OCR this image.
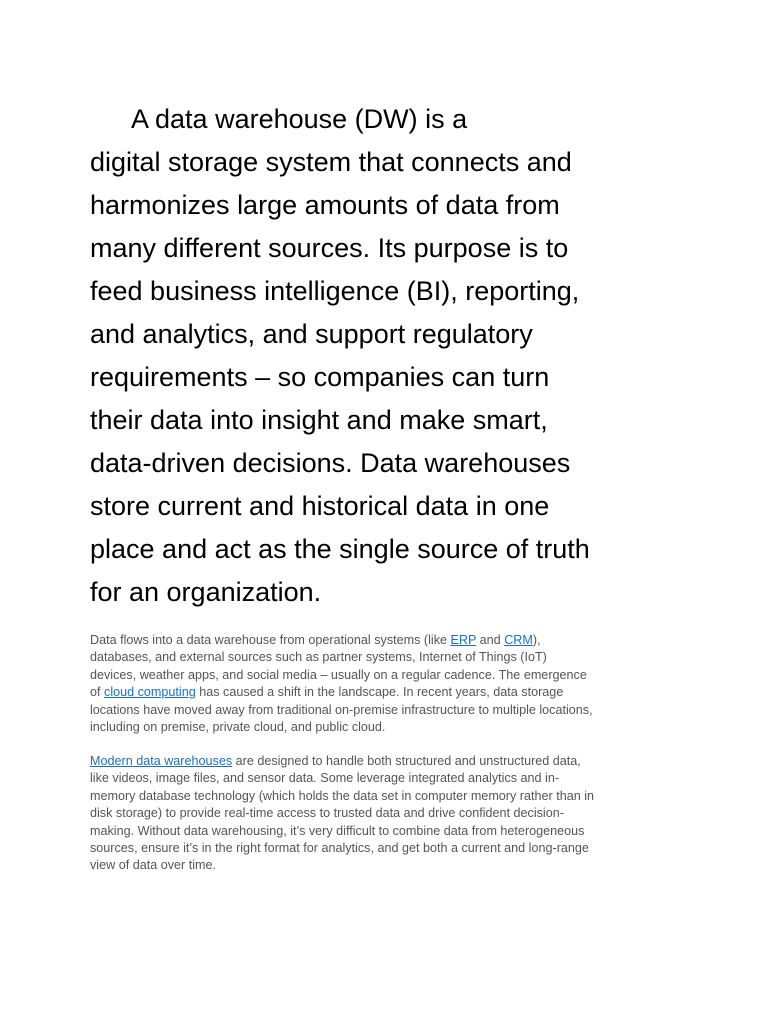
A data warehouse (DW) is a
digital storage system that connects and
harmonizes large amounts of data from
many different sources. Its purpose is to
feed business intelligence (BI), reporting,
and analytics, and support regulatory
requirements – so companies can turn
their data into insight and make smart,
data-driven decisions. Data warehouses
store current and historical data in one
place and act as the single source of truth
for an organization.

Data flows into a data warehouse from operational systems (like ERP and CRM),
databases, and external sources such as partner systems, Internet of Things (IoT)
devices, weather apps, and social media – usually on a regular cadence. The emergence
of cloud computing has caused a shift in the landscape. In recent years, data storage
locations have moved away from traditional on-premise infrastructure to multiple locations,
including on premise, private cloud, and public cloud.

Modern data warehouses are designed to handle both structured and unstructured data,
like videos, image files, and sensor data. Some leverage integrated analytics and in-
memory database technology (which holds the data set in computer memory rather than in
disk storage) to provide real-time access to trusted data and drive confident decision-
making. Without data warehousing, it’s very difficult to combine data from heterogeneous
sources, ensure it’s in the right format for analytics, and get both a current and long-range
view of data over time.
